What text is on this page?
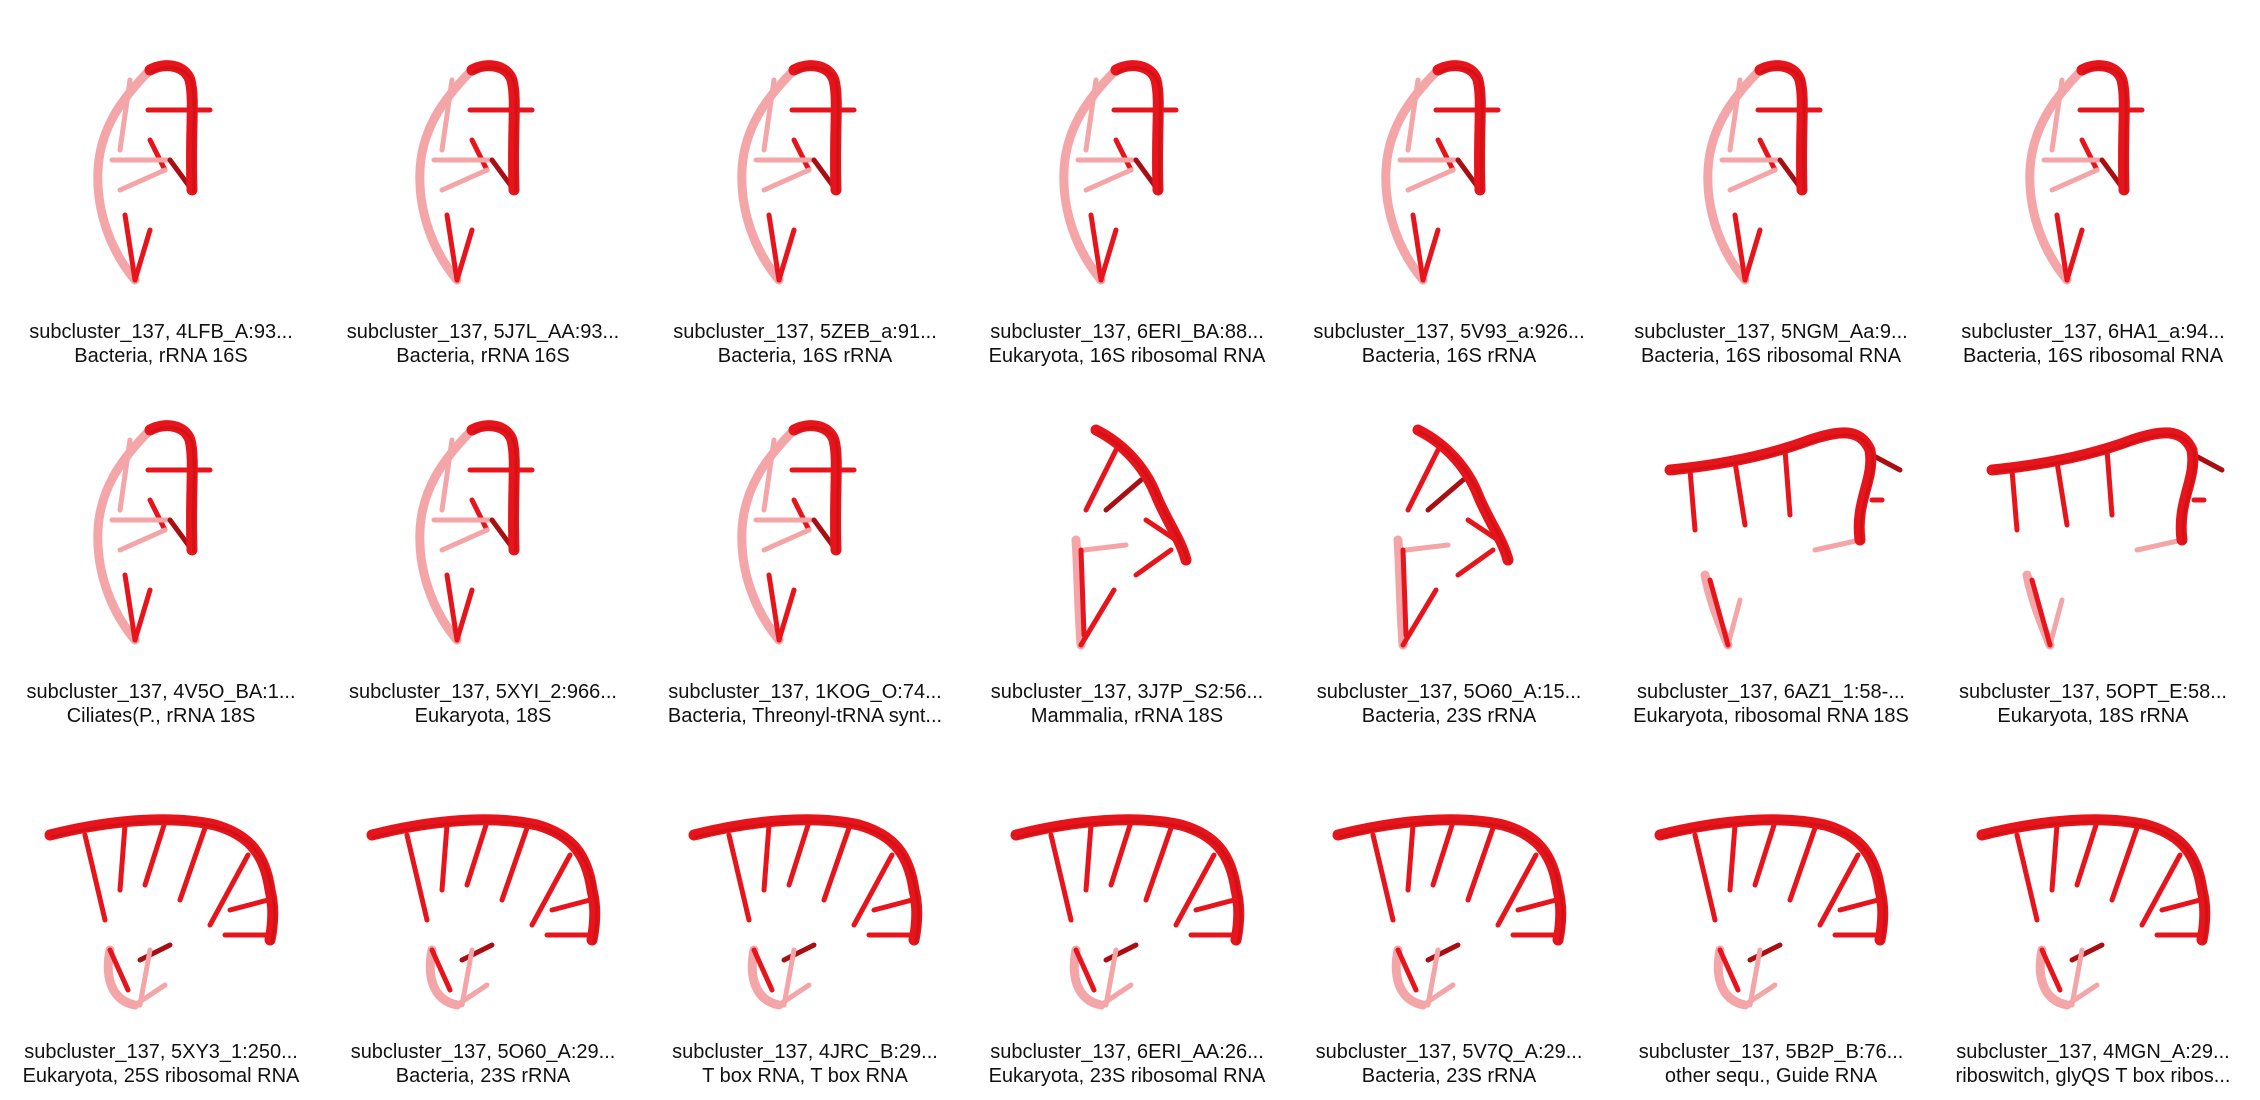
subcluster_137, 4LFB_A:93...
Bacteria, rRNA 16S
subcluster_137, 5J7L_AA:93...
Bacteria, rRNA 16S
subcluster_137, 5ZEB_a:91...
Bacteria, 16S rRNA
subcluster_137, 6ERI_BA:88...
Eukaryota, 16S ribosomal RNA
subcluster_137, 5V93_a:926...
Bacteria, 16S rRNA
subcluster_137, 5NGM_Aa:9...
Bacteria, 16S ribosomal RNA
subcluster_137, 6HA1_a:94...
Bacteria, 16S ribosomal RNA
subcluster_137, 4V5O_BA:1...
Ciliates(P., rRNA 18S
subcluster_137, 5XYI_2:966...
Eukaryota, 18S
subcluster_137, 1KOG_O:74...
Bacteria, Threonyl-tRNA synt...
subcluster_137, 3J7P_S2:56...
Mammalia, rRNA 18S
subcluster_137, 5O60_A:15...
Bacteria, 23S rRNA
subcluster_137, 6AZ1_1:58-...
Eukaryota, ribosomal RNA 18S
subcluster_137, 5OPT_E:58...
Eukaryota, 18S rRNA
subcluster_137, 5XY3_1:250...
Eukaryota, 25S ribosomal RNA
subcluster_137, 5O60_A:29...
Bacteria, 23S rRNA
subcluster_137, 4JRC_B:29...
T box RNA, T box RNA
subcluster_137, 6ERI_AA:26...
Eukaryota, 23S ribosomal RNA
subcluster_137, 5V7Q_A:29...
Bacteria, 23S rRNA
subcluster_137, 5B2P_B:76...
other sequ., Guide RNA
subcluster_137, 4MGN_A:29...
riboswitch, glyQS T box ribos...
